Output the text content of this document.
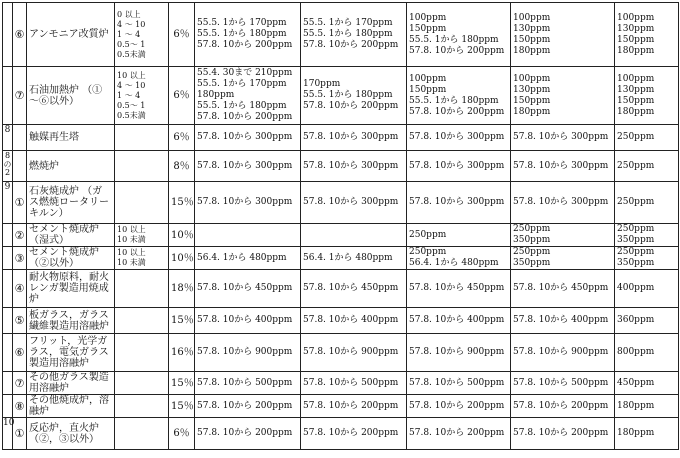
	⑥	アンモニア改質炉	0 以上
4 ～ 10
1 ～ 4
0.5～ 1
0.5未満	6％	55.5. 1から 170ppm
55.5. 1から 180ppm
57.8. 10から 200ppm	55.5. 1から 170ppm
55.5. 1から 180ppm
57.8. 10から 200ppm	100ppm
150ppm
55.5. 1から 180ppm
57.8. 10から 200ppm	100ppm
130ppm
150ppm
180ppm	100ppm
130ppm
150ppm
180ppm

	⑦	石油加熱炉 （①～⑥以外）	10 以上
4 ～ 10
1 ～ 4
0.5～ 1
0.5未満	6％	55.4. 30まで 210ppm
55.5. 1から 170ppm
180ppm
55.5. 1から 180ppm
57.8. 10から 200ppm	170ppm
55.5. 1から 180ppm
57.8. 10から 200ppm	100ppm
150ppm
55.5. 1から 180ppm
57.8. 10から 200ppm	100ppm
130ppm
150ppm
180ppm	100ppm
130ppm
150ppm
180ppm

8		触媒再生塔		6％	57.8. 10から 300ppm	57.8. 10から 300ppm	57.8. 10から 300ppm	57.8. 10から 300ppm	250ppm
8の2		燃焼炉		8％	57.8. 10から 300ppm	57.8. 10から 300ppm	57.8. 10から 300ppm	57.8. 10から 300ppm	250ppm
9	①	石灰焼成炉 （ガス燃焼ロータリーキルン）		15％	57.8. 10から 300ppm	57.8. 10から 300ppm	57.8. 10から 300ppm	57.8. 10から 300ppm	250ppm
	②	セメント焼成炉 （湿式）	10 以上
10 未満	10％			250ppm	250ppm
350ppm	250ppm
350ppm

	③	セメント焼成炉 （②以外）	10 以上
10 未満	10％	56.4. 1から 480ppm	56.4. 1から 480ppm	250ppm
56.4. 1から 480ppm	250ppm
350ppm	250ppm
350ppm

	④	耐火物原料，耐火レンガ製造用焼成炉		18％	57.8. 10から 450ppm	57.8. 10から 450ppm	57.8. 10から 450ppm	57.8. 10から 450ppm	400ppm
	⑤	板ガラス，ガラス繊維製造用溶融炉		15％	57.8. 10から 400ppm	57.8. 10から 400ppm	57.8. 10から 400ppm	57.8. 10から 400ppm	360ppm
	⑥	フリット，光学ガラス，電気ガラス製造用溶融炉		16％	57.8. 10から 900ppm	57.8. 10から 900ppm	57.8. 10から 900ppm	57.8. 10から 900ppm	800ppm
	⑦	その他ガラス製造用溶融炉		15％	57.8. 10から 500ppm	57.8. 10から 500ppm	57.8. 10から 500ppm	57.8. 10から 500ppm	450ppm
	⑧	その他焼成炉，溶融炉		15％	57.8. 10から 200ppm	57.8. 10から 200ppm	57.8. 10から 200ppm	57.8. 10から 200ppm	180ppm
10	①	反応炉，直火炉 （②，③以外）		6％	57.8. 10から 200ppm	57.8. 10から 200ppm	57.8. 10から 200ppm	57.8. 10から 200ppm	180ppm
